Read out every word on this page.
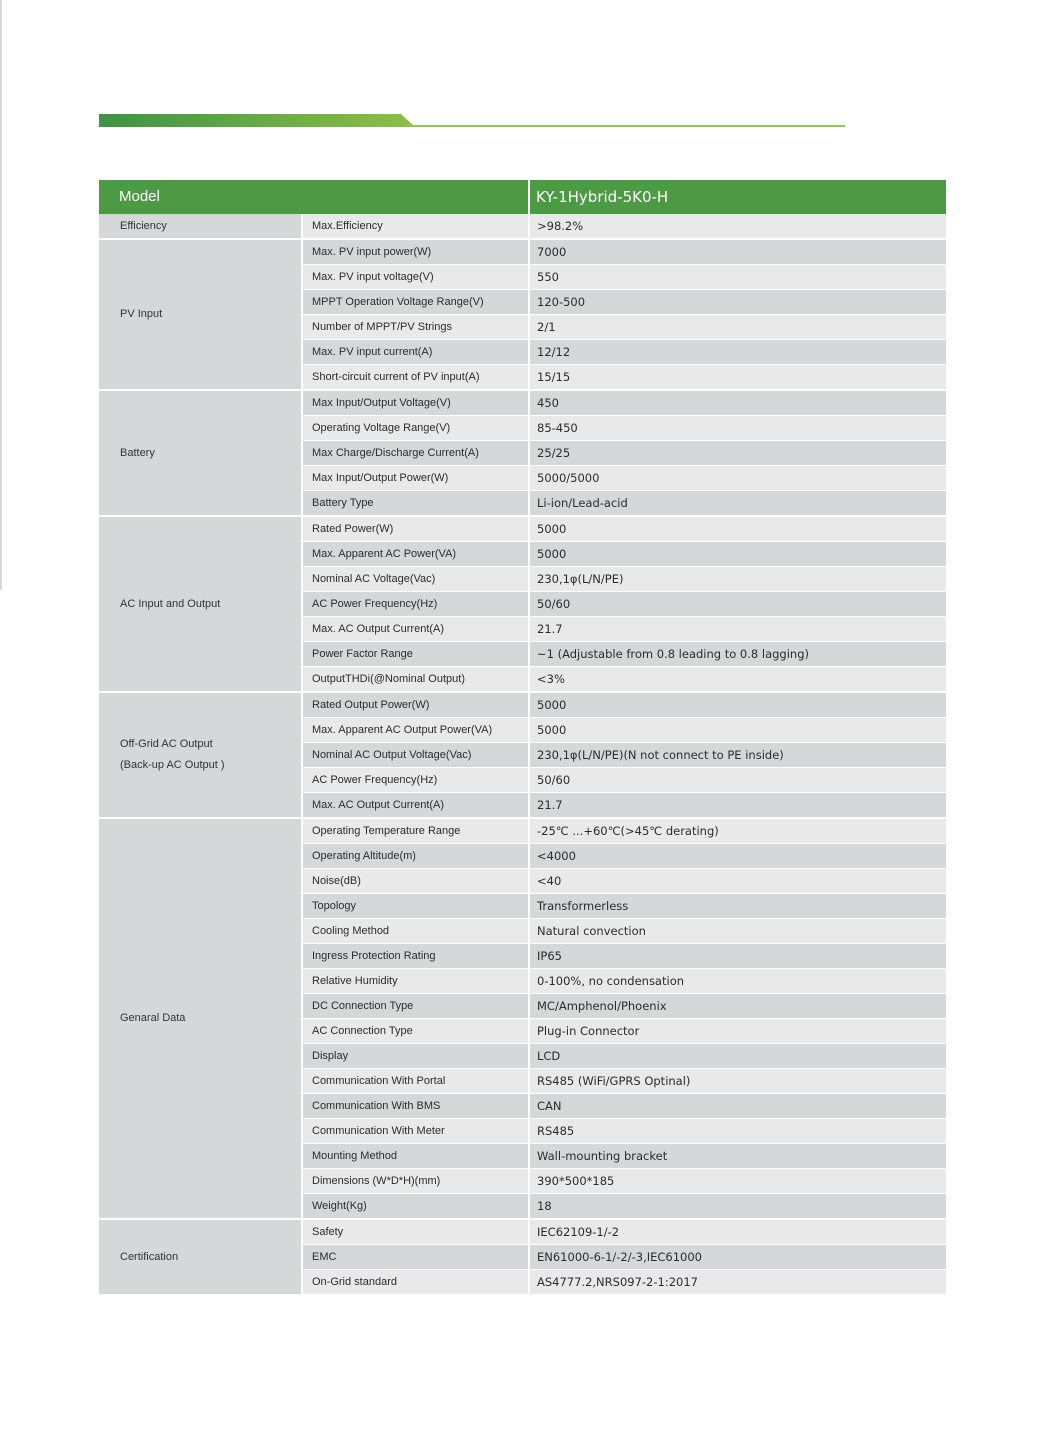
Model	KY-1Hybrid-5K0-H
Efficiency	Max.Efficiency	>98.2%
PV Input
Max. PV input power(W)	7000
Max. PV input voltage(V)	550
MPPT Operation Voltage Range(V)	120-500
Number of MPPT/PV Strings	2/1
Max. PV input current(A)	12/12
Short-circuit current of PV input(A)	15/15
Battery
Max Input/Output Voltage(V)	450
Operating Voltage Range(V)	85-450
Max Charge/Discharge Current(A)	25/25
Max Input/Output Power(W)	5000/5000
Battery Type	Li-ion/Lead-acid
AC Input and Output
Rated Power(W)	5000
Max. Apparent AC Power(VA)	5000
Nominal AC Voltage(Vac)	230,1φ(L/N/PE)
AC Power Frequency(Hz)	50/60
Max. AC Output Current(A)	21.7
Power Factor Range	~1 (Adjustable from 0.8 leading to 0.8 lagging)
OutputTHDi(@Nominal Output)	<3%
Off-Grid AC Output
(Back-up AC Output )
Rated Output Power(W)	5000
Max. Apparent AC Output Power(VA)	5000
Nominal AC Output Voltage(Vac)	230,1φ(L/N/PE)(N not connect to PE inside)
AC Power Frequency(Hz)	50/60
Max. AC Output Current(A)	21.7
Genaral Data
Operating Temperature Range	-25℃ ...+60℃(>45℃ derating)
Operating Altitude(m)	<4000
Noise(dB)	<40
Topology	Transformerless
Cooling Method	Natural convection
Ingress Protection Rating	IP65
Relative Humidity	0-100%, no condensation
DC Connection Type	MC/Amphenol/Phoenix
AC Connection Type	Plug-in Connector
Display	LCD
Communication With Portal	RS485 (WiFi/GPRS Optinal)
Communication With BMS	CAN
Communication With Meter	RS485
Mounting Method	Wall-mounting bracket
Dimensions (W*D*H)(mm)	390*500*185
Weight(Kg)	18
Certification
Safety	IEC62109-1/-2
EMC	EN61000-6-1/-2/-3,IEC61000
On-Grid standard	AS4777.2,NRS097-2-1:2017
